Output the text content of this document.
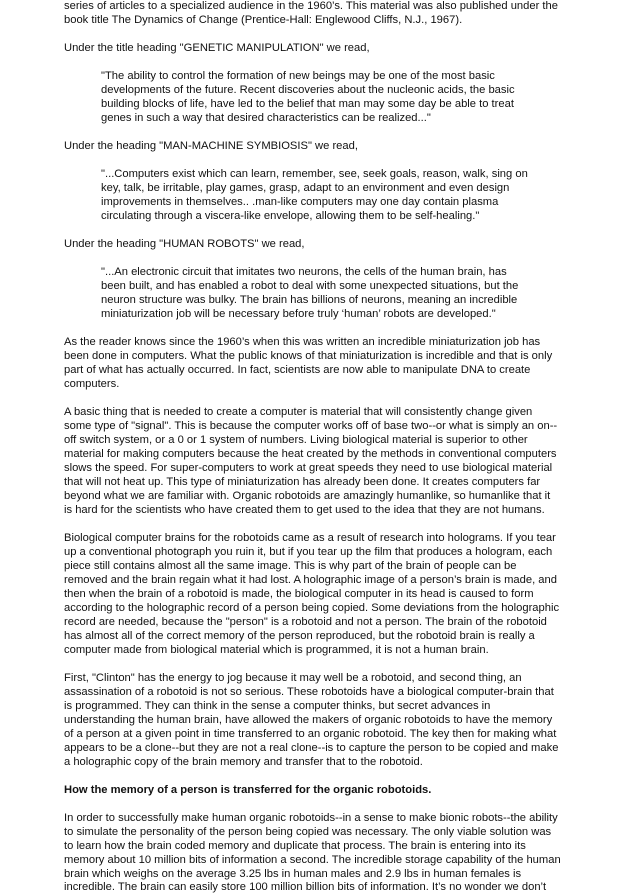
series of articles to a specialized audience in the 1960’s. This material was also published under the
book title The Dynamics of Change (Prentice-Hall: Englewood Cliffs, N.J., 1967).
Under the title heading "GENETIC MANIPULATION" we read,
"The ability to control the formation of new beings may be one of the most basic
developments of the future. Recent discoveries about the nucleonic acids, the basic
building blocks of life, have led to the belief that man may some day be able to treat
genes in such a way that desired characteristics can be realized..."
Under the heading "MAN-MACHINE SYMBIOSIS" we read,
"...Computers exist which can learn, remember, see, seek goals, reason, walk, sing on
key, talk, be irritable, play games, grasp, adapt to an environment and even design
improvements in themselves.. .man-like computers may one day contain plasma
circulating through a viscera-like envelope, allowing them to be self-healing."
Under the heading "HUMAN ROBOTS" we read,
"...An electronic circuit that imitates two neurons, the cells of the human brain, has
been built, and has enabled a robot to deal with some unexpected situations, but the
neuron structure was bulky. The brain has billions of neurons, meaning an incredible
miniaturization job will be necessary before truly ‘human’ robots are developed."
As the reader knows since the 1960’s when this was written an incredible miniaturization job has
been done in computers. What the public knows of that miniaturization is incredible and that is only
part of what has actually occurred. In fact, scientists are now able to manipulate DNA to create
computers.
A basic thing that is needed to create a computer is material that will consistently change given
some type of "signal". This is because the computer works off of base two--or what is simply an on--
off switch system, or a 0 or 1 system of numbers. Living biological material is superior to other
material for making computers because the heat created by the methods in conventional computers
slows the speed. For super-computers to work at great speeds they need to use biological material
that will not heat up. This type of miniaturization has already been done. It creates computers far
beyond what we are familiar with. Organic robotoids are amazingly humanlike, so humanlike that it
is hard for the scientists who have created them to get used to the idea that they are not humans.
Biological computer brains for the robotoids came as a result of research into holograms. If you tear
up a conventional photograph you ruin it, but if you tear up the film that produces a hologram, each
piece still contains almost all the same image. This is why part of the brain of people can be
removed and the brain regain what it had lost. A holographic image of a person’s brain is made, and
then when the brain of a robotoid is made, the biological computer in its head is caused to form
according to the holographic record of a person being copied. Some deviations from the holographic
record are needed, because the "person" is a robotoid and not a person. The brain of the robotoid
has almost all of the correct memory of the person reproduced, but the robotoid brain is really a
computer made from biological material which is programmed, it is not a human brain.
First, "Clinton" has the energy to jog because it may well be a robotoid, and second thing, an
assassination of a robotoid is not so serious. These robotoids have a biological computer-brain that
is programmed. They can think in the sense a computer thinks, but secret advances in
understanding the human brain, have allowed the makers of organic robotoids to have the memory
of a person at a given point in time transferred to an organic robotoid. The key then for making what
appears to be a clone--but they are not a real clone--is to capture the person to be copied and make
a holographic copy of the brain memory and transfer that to the robotoid.
How the memory of a person is transferred for the organic robotoids.
In order to successfully make human organic robotoids--in a sense to make bionic robots--the ability
to simulate the personality of the person being copied was necessary. The only viable solution was
to learn how the brain coded memory and duplicate that process. The brain is entering into its
memory about 10 million bits of information a second. The incredible storage capability of the human
brain which weighs on the average 3.25 lbs in human males and 2.9 lbs in human females is
incredible. The brain can easily store 100 million billion bits of information. It’s no wonder we don’t
